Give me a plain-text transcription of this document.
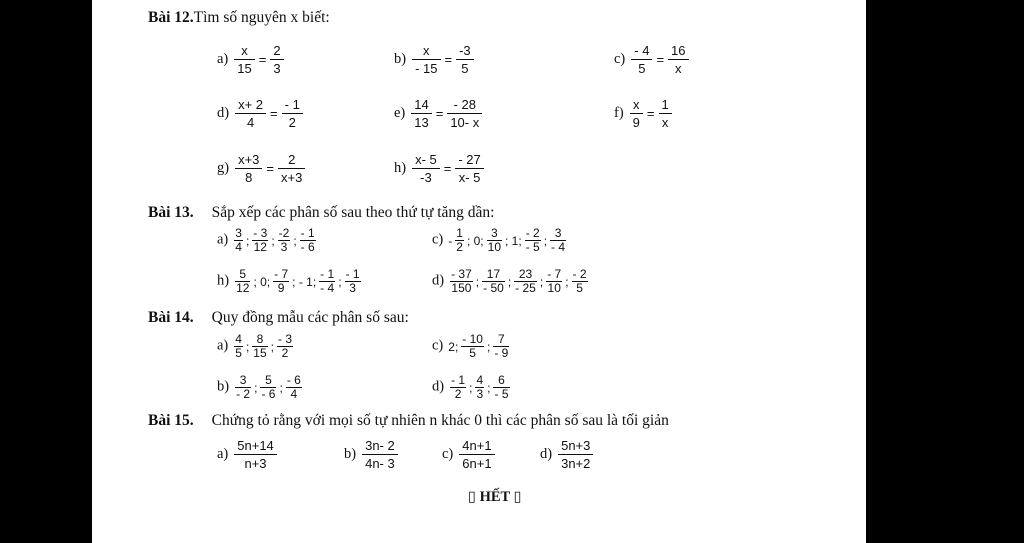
Bài 12.Tìm số nguyên x biết:
$a) \frac{x}{15} = \frac{2}{3}$	$b) \frac{x}{- 15} = \frac{-3}{5}$	$c) \frac{- 4}{5} = \frac{16}{x}$
$d) \frac{x+ 2}{4} = \frac{- 1}{2}$	$e) \frac{14}{13} = \frac{- 28}{10- x}$	$f) \frac{x}{9} = \frac{1}{x}$
$g) \frac{x+3}{8} = \frac{2}{x+3}$	$h) \frac{x- 5}{-3} = \frac{- 27}{x- 5}$
Bài 13. Sắp xếp các phân số sau theo thứ tự tăng dần:
$a) \frac{3}{4}$ ; $\frac{- 3}{12}$ ; $\frac{-2}{3}$ ; $\frac{- 1}{- 6}$	$c) - \frac{1}{2}$ ; 0; $\frac{3}{10}$ ; 1; $\frac{- 2}{- 5}$ ; $\frac{3}{- 4}$
$h) \frac{5}{12}$ ; 0; $\frac{- 7}{9}$ ; - 1; $\frac{- 1}{- 4}$ ; $\frac{- 1}{3}$	$d) \frac{- 37}{150}$ ; $\frac{17}{- 50}$ ; $\frac{23}{- 25}$ ; $\frac{- 7}{10}$ ; $\frac{- 2}{5}$
Bài 14. Quy đồng mẫu các phân số sau:
$a) \frac{4}{5}$ ; $\frac{8}{15}$ ; $\frac{- 3}{2}$	c) 2; $\frac{- 10}{5}$ ; $\frac{7}{- 9}$
$b) \frac{3}{- 2}$ ; $\frac{5}{- 6}$ ; $\frac{- 6}{4}$	$d) \frac{- 1}{2}$ ; $\frac{4}{3}$ ; $\frac{6}{- 5}$
Bài 15. Chứng tỏ rằng với mọi số tự nhiên n khác 0 thì các phân số sau là tối giản
$a) \frac{5n+14}{n+3}$	$b) \frac{3n- 2}{4n- 3}$	$c) \frac{4n+1}{6n+1}$	$d) \frac{5n+3}{3n+2}$
▯ HẾT ▯
